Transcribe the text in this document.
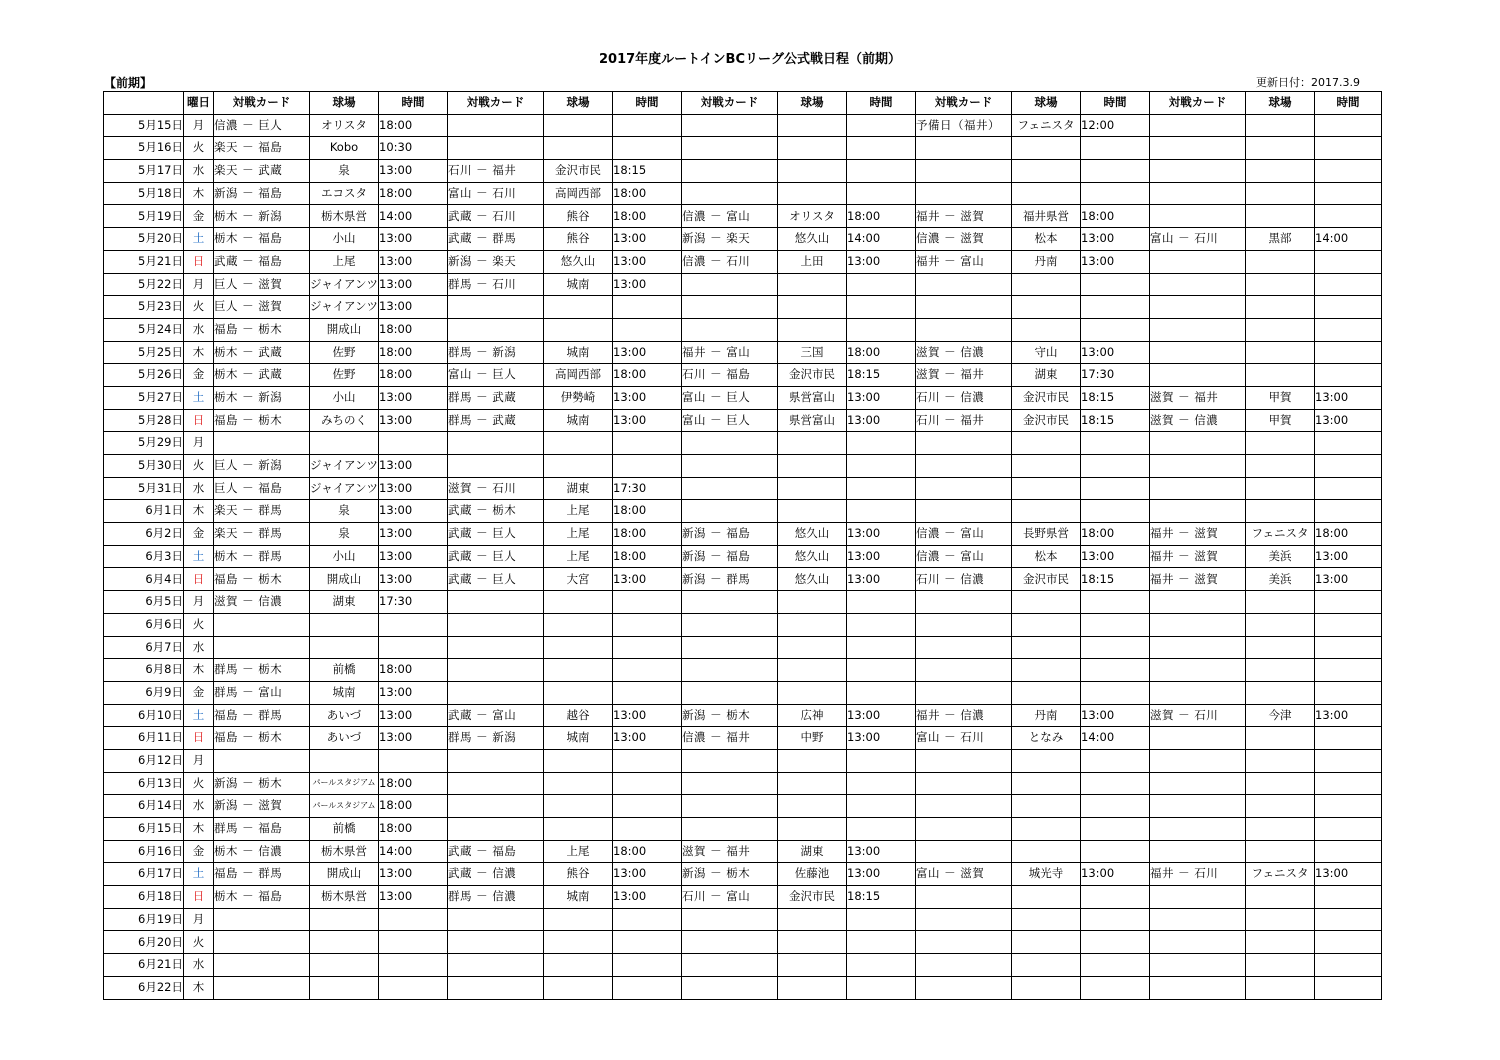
2017年度ルートインBCリーグ公式戦日程（前期）
【前期】	更新日付：2017.3.9
	曜日	対戦カード	球場	時間	対戦カード	球場	時間	対戦カード	球場	時間	対戦カード	球場	時間	対戦カード	球場	時間
5月15日	月	信濃 － 巨人	オリスタ	18:00							予備日（福井）	フェニスタ	12:00			
5月16日	火	楽天 － 福島	Kobo	10:30												
5月17日	水	楽天 － 武蔵	泉	13:00	石川 － 福井	金沢市民	18:15									
5月18日	木	新潟 － 福島	エコスタ	18:00	富山 － 石川	高岡西部	18:00									
5月19日	金	栃木 － 新潟	栃木県営	14:00	武蔵 － 石川	熊谷	18:00	信濃 － 富山	オリスタ	18:00	福井 － 滋賀	福井県営	18:00			
5月20日	土	栃木 － 福島	小山	13:00	武蔵 － 群馬	熊谷	13:00	新潟 － 楽天	悠久山	14:00	信濃 － 滋賀	松本	13:00	富山 － 石川	黒部	14:00
5月21日	日	武蔵 － 福島	上尾	13:00	新潟 － 楽天	悠久山	13:00	信濃 － 石川	上田	13:00	福井 － 富山	丹南	13:00			
5月22日	月	巨人 － 滋賀	ジャイアンツ	13:00	群馬 － 石川	城南	13:00									
5月23日	火	巨人 － 滋賀	ジャイアンツ	13:00												
5月24日	水	福島 － 栃木	開成山	18:00												
5月25日	木	栃木 － 武蔵	佐野	18:00	群馬 － 新潟	城南	13:00	福井 － 富山	三国	18:00	滋賀 － 信濃	守山	13:00			
5月26日	金	栃木 － 武蔵	佐野	18:00	富山 － 巨人	高岡西部	18:00	石川 － 福島	金沢市民	18:15	滋賀 － 福井	湖東	17:30			
5月27日	土	栃木 － 新潟	小山	13:00	群馬 － 武蔵	伊勢崎	13:00	富山 － 巨人	県営富山	13:00	石川 － 信濃	金沢市民	18:15	滋賀 － 福井	甲賀	13:00
5月28日	日	福島 － 栃木	みちのく	13:00	群馬 － 武蔵	城南	13:00	富山 － 巨人	県営富山	13:00	石川 － 福井	金沢市民	18:15	滋賀 － 信濃	甲賀	13:00
5月29日	月															
5月30日	火	巨人 － 新潟	ジャイアンツ	13:00												
5月31日	水	巨人 － 福島	ジャイアンツ	13:00	滋賀 － 石川	湖東	17:30									
6月1日	木	楽天 － 群馬	泉	13:00	武蔵 － 栃木	上尾	18:00									
6月2日	金	楽天 － 群馬	泉	13:00	武蔵 － 巨人	上尾	18:00	新潟 － 福島	悠久山	13:00	信濃 － 富山	長野県営	18:00	福井 － 滋賀	フェニスタ	18:00
6月3日	土	栃木 － 群馬	小山	13:00	武蔵 － 巨人	上尾	18:00	新潟 － 福島	悠久山	13:00	信濃 － 富山	松本	13:00	福井 － 滋賀	美浜	13:00
6月4日	日	福島 － 栃木	開成山	13:00	武蔵 － 巨人	大宮	13:00	新潟 － 群馬	悠久山	13:00	石川 － 信濃	金沢市民	18:15	福井 － 滋賀	美浜	13:00
6月5日	月	滋賀 － 信濃	湖東	17:30												
6月6日	火															
6月7日	水															
6月8日	木	群馬 － 栃木	前橋	18:00												
6月9日	金	群馬 － 富山	城南	13:00												
6月10日	土	福島 － 群馬	あいづ	13:00	武蔵 － 富山	越谷	13:00	新潟 － 栃木	広神	13:00	福井 － 信濃	丹南	13:00	滋賀 － 石川	今津	13:00
6月11日	日	福島 － 栃木	あいづ	13:00	群馬 － 新潟	城南	13:00	信濃 － 福井	中野	13:00	富山 － 石川	となみ	14:00			
6月12日	月															
6月13日	火	新潟 － 栃木	パールスタジアム	18:00												
6月14日	水	新潟 － 滋賀	パールスタジアム	18:00												
6月15日	木	群馬 － 福島	前橋	18:00												
6月16日	金	栃木 － 信濃	栃木県営	14:00	武蔵 － 福島	上尾	18:00	滋賀 － 福井	湖東	13:00						
6月17日	土	福島 － 群馬	開成山	13:00	武蔵 － 信濃	熊谷	13:00	新潟 － 栃木	佐藤池	13:00	富山 － 滋賀	城光寺	13:00	福井 － 石川	フェニスタ	13:00
6月18日	日	栃木 － 福島	栃木県営	13:00	群馬 － 信濃	城南	13:00	石川 － 富山	金沢市民	18:15						
6月19日	月															
6月20日	火															
6月21日	水															
6月22日	木															
